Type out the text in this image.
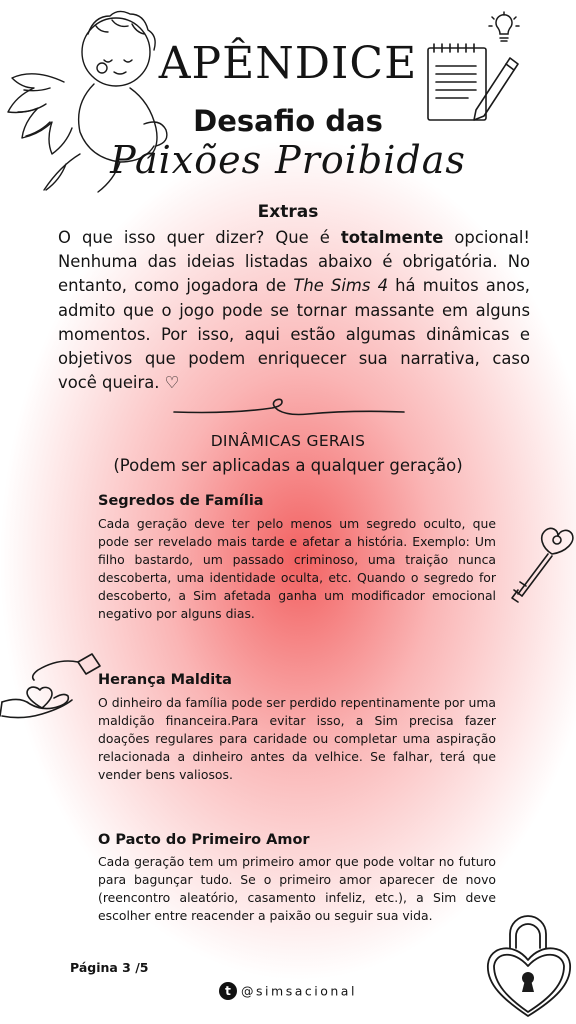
APÊNDICE
Desafio das
Paixões Proibidas
Extras
O que isso quer dizer? Que é totalmente opcional! Nenhuma das ideias listadas abaixo é obrigatória. No entanto, como jogadora de The Sims 4 há muitos anos, admito que o jogo pode se tornar massante em alguns momentos. Por isso, aqui estão algumas dinâmicas e objetivos que podem enriquecer sua narrativa, caso você queira. ♡
DINÂMICAS GERAIS
(Podem ser aplicadas a qualquer geração)
Segredos de Família
Cada geração deve ter pelo menos um segredo oculto, que pode ser revelado mais tarde e afetar a história. Exemplo: Um filho bastardo, um passado criminoso, uma traição nunca descoberta, uma identidade oculta, etc. Quando o segredo for descoberto, a Sim afetada ganha um modificador emocional negativo por alguns dias.
Herança Maldita
O dinheiro da família pode ser perdido repentinamente por uma maldição financeira.Para evitar isso, a Sim precisa fazer doações regulares para caridade ou completar uma aspiração relacionada a dinheiro antes da velhice. Se falhar, terá que vender bens valiosos.
O Pacto do Primeiro Amor
Cada geração tem um primeiro amor que pode voltar no futuro para bagunçar tudo. Se o primeiro amor aparecer de novo (reencontro aleatório, casamento infeliz, etc.), a Sim deve escolher entre reacender a paixão ou seguir sua vida.
Página 3 /5
t @simsacional
